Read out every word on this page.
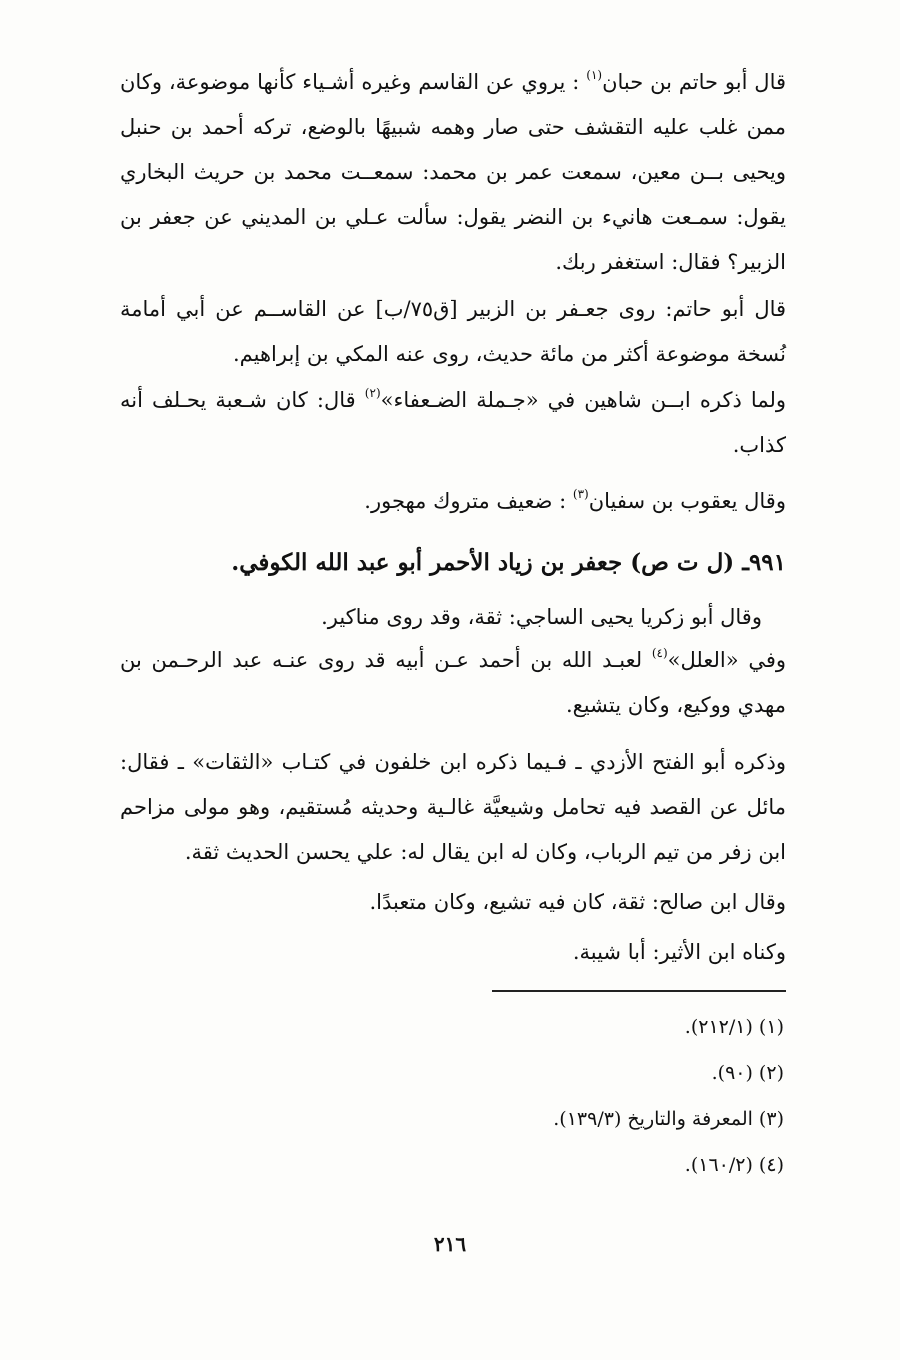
قال أبو حاتم بن حبان$^{(١)}$ : يروي عن القاسم وغيره أشـياء كأنها موضوعة، وكان ممن غلب عليه التقشف حتى صار وهمه شبيهًا بالوضع، تركه أحمد بن حنبل ويحيى بــن معين، سمعت عمر بن محمد: سمعــت محمد بن حريث البخاري يقول: سمـعت هانيء بن النضر يقول: سألت عـلي بن المديني عن جعفر بن الزبير؟ فقال: استغفر ربك.

قال أبو حاتم: روى جعـفر بن الزبير [ق٧٥/ب] عن القاســم عن أبي أمامة نُسخة موضوعة أكثر من مائة حديث، روى عنه المكي بن إبراهيم.

ولما ذكره ابــن شاهين في «جـملة الضـعفاء»$^{(٢)}$ قال: كان شـعبة يحـلف أنه كذاب.

وقال يعقوب بن سفيان$^{(٣)}$ : ضعيف متروك مهجور.

٩٩١ـ (ل ت ص) جعفر بن زياد الأحمر أبو عبد الله الكوفي.

وقال أبو زكريا يحيى الساجي: ثقة، وقد روى مناكير.

وفي «العلل»$^{(٤)}$ لعبـد الله بن أحمد عـن أبيه قد روى عنـه عبد الرحـمن بن مهدي ووكيع، وكان يتشيع.

وذكره أبو الفتح الأزدي ـ فـيما ذكره ابن خلفون في كتـاب «الثقات» ـ فقال: مائل عن القصد فيه تحامل وشيعيَّة غالـية وحديثه مُستقيم، وهو مولى مزاحم ابن زفر من تيم الرباب، وكان له ابن يقال له: علي يحسن الحديث ثقة.

وقال ابن صالح: ثقة، كان فيه تشيع، وكان متعبدًا.

وكناه ابن الأثير: أبا شيبة.

(١) (٢١٢/١).
(٢) (٩٠).
(٣) المعرفة والتاريخ (١٣٩/٣).
(٤) (١٦٠/٢).
٢١٦
